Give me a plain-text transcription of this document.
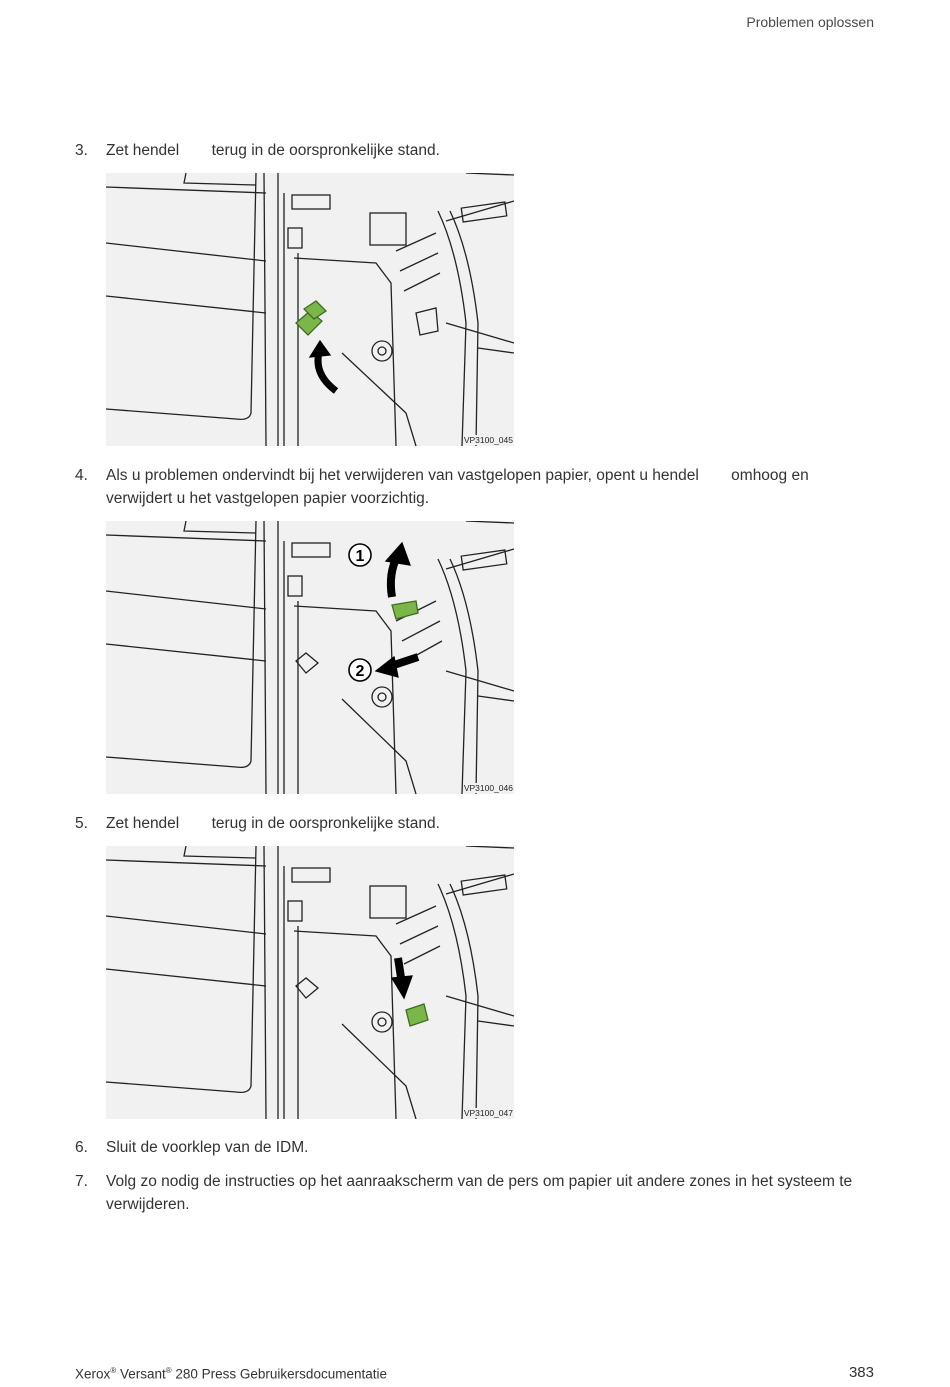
Problemen oplossen
3.	Zet hendel terug in de oorspronkelijke stand.
VP3100_045
4.	Als u problemen ondervindt bij het verwijderen van vastgelopen papier, opent u hendel omhoog en verwijdert u het vastgelopen papier voorzichtig.
1
2
VP3100_046
5.	Zet hendel terug in de oorspronkelijke stand.
VP3100_047
6.	Sluit de voorklep van de IDM.
7.	Volg zo nodig de instructies op het aanraakscherm van de pers om papier uit andere zones in het systeem te verwijderen.
Xerox® Versant® 280 Press Gebruikersdocumentatie	383
